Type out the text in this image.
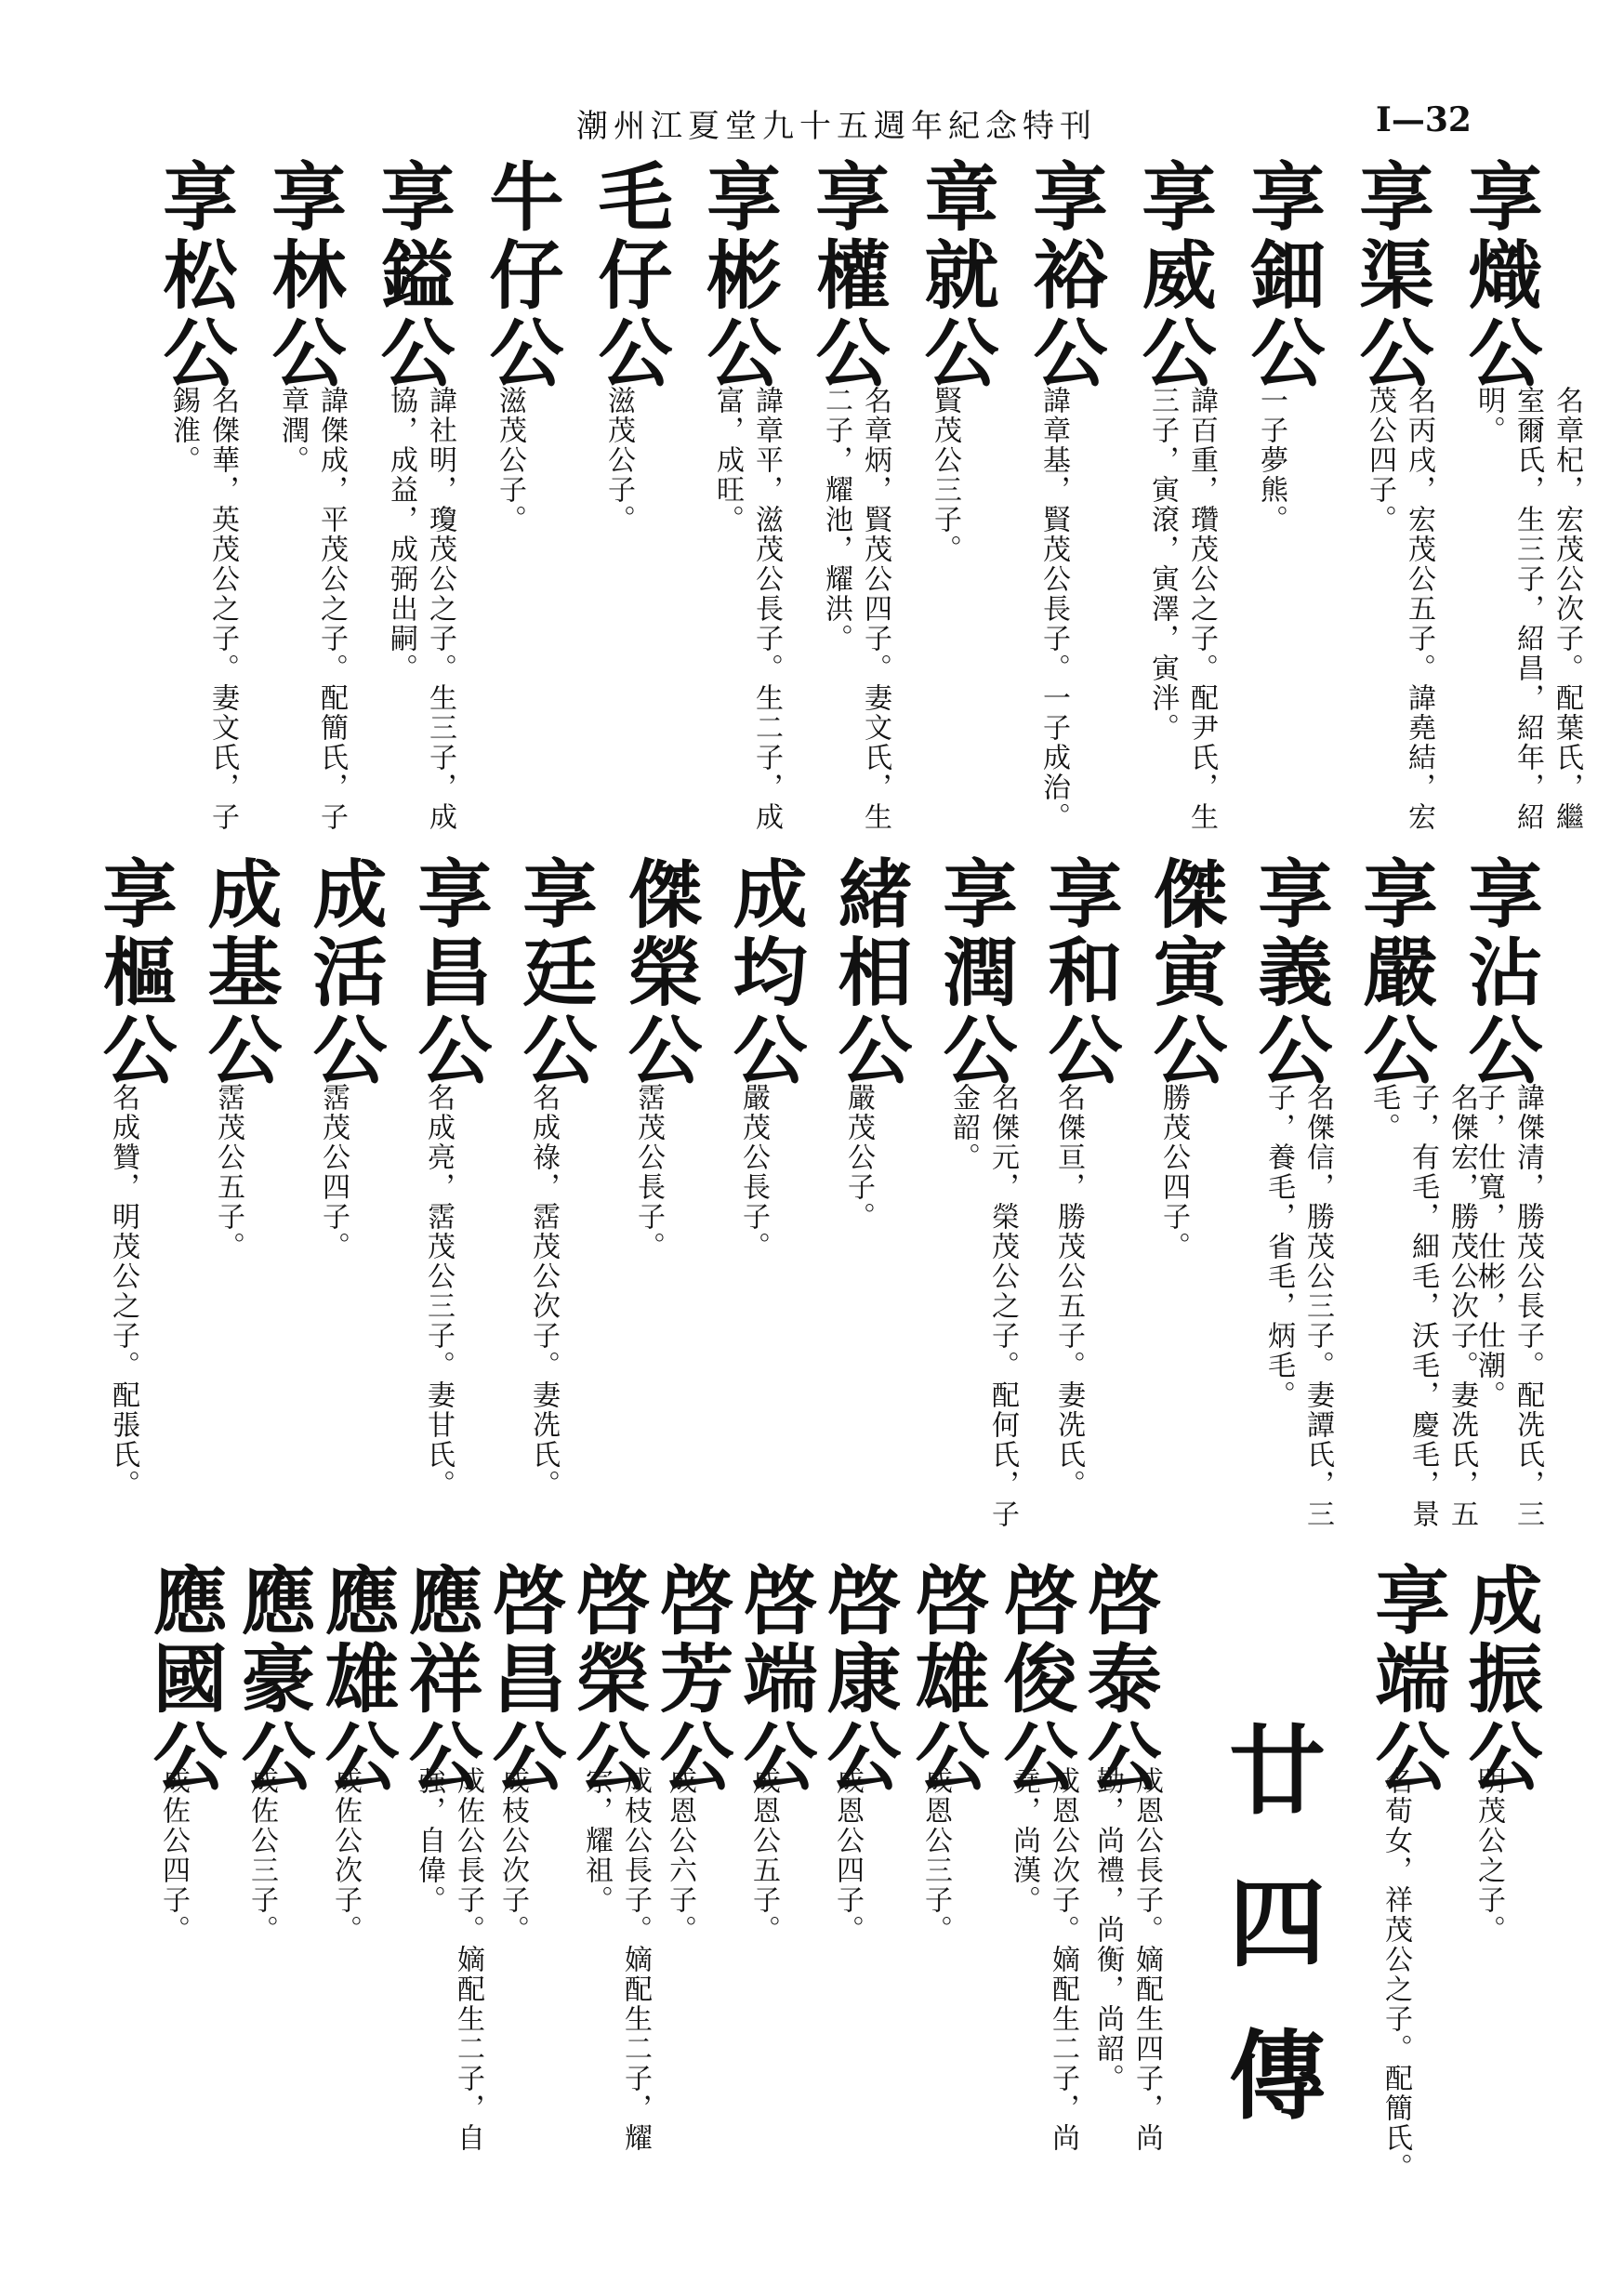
潮州江夏堂九十五週年紀念特刊	I—32
廿四傳
享熾公
名章杞，宏茂公次子。配葉氏，繼室爾氏，生三子，紹昌，紹年，紹明。
享渠公
名丙戌，宏茂公五子。諱堯結，宏茂公四子。
享鈿公
一子夢熊。
享威公
諱百重，瓚茂公之子。配尹氏，生三子，寅滾，寅澤，寅泮。
享裕公
諱章基，賢茂公長子。一子成治。
章就公
賢茂公三子。
享權公
名章炳，賢茂公四子。妻文氏，生二子，耀池，耀洪。
享彬公
諱章平，滋茂公長子。生二子，成富，成旺。
毛仔公
滋茂公子。
牛仔公
滋茂公子。
享鎰公
諱社明，瓊茂公之子。生三子，成協，成益，成弼出嗣。
享林公
諱傑成，平茂公之子。配簡氏，子章潤。
享松公
名傑華，英茂公之子。妻文氏，子錫淮。
享沾公
諱傑清，勝茂公長子。配冼氏，三子，仕寬，仕彬，仕潮。
享嚴公
名傑宏，勝茂公次子。妻冼氏，五子，有毛，細毛，沃毛，慶毛，景毛。
享義公
名傑信，勝茂公三子。妻譚氏，三子，養毛，省毛，炳毛。
傑寅公
勝茂公四子。
享和公
名傑亘，勝茂公五子。妻冼氏。
享潤公
名傑元，榮茂公之子。配何氏，子金韶。
緒相公
嚴茂公子。
成均公
嚴茂公長子。
傑榮公
霑茂公長子。
享廷公
名成祿，霑茂公次子。妻冼氏。
享昌公
名成亮，霑茂公三子。妻甘氏。
成活公
霑茂公四子。
成基公
霑茂公五子。
享樞公
名成贊，明茂公之子。配張氏。
成振公
明茂公之子。
享端公
名荀女，祥茂公之子。配簡氏。
啓泰公
成恩公長子。嫡配生四子，尚勤，尚禮，尚衡，尚韶。
啓俊公
成恩公次子。嫡配生二子，尚堯，尚漢。
啓雄公
成恩公三子。
啓康公
成恩公四子。
啓端公
成恩公五子。
啓芳公
成恩公六子。
啓榮公
成枝公長子。嫡配生二子，耀宗，耀祖。
啓昌公
成枝公次子。
應祥公
成佐公長子。嫡配生二子，自強，自偉。
應雄公
成佐公次子。
應豪公
成佐公三子。
應國公
成佐公四子。
